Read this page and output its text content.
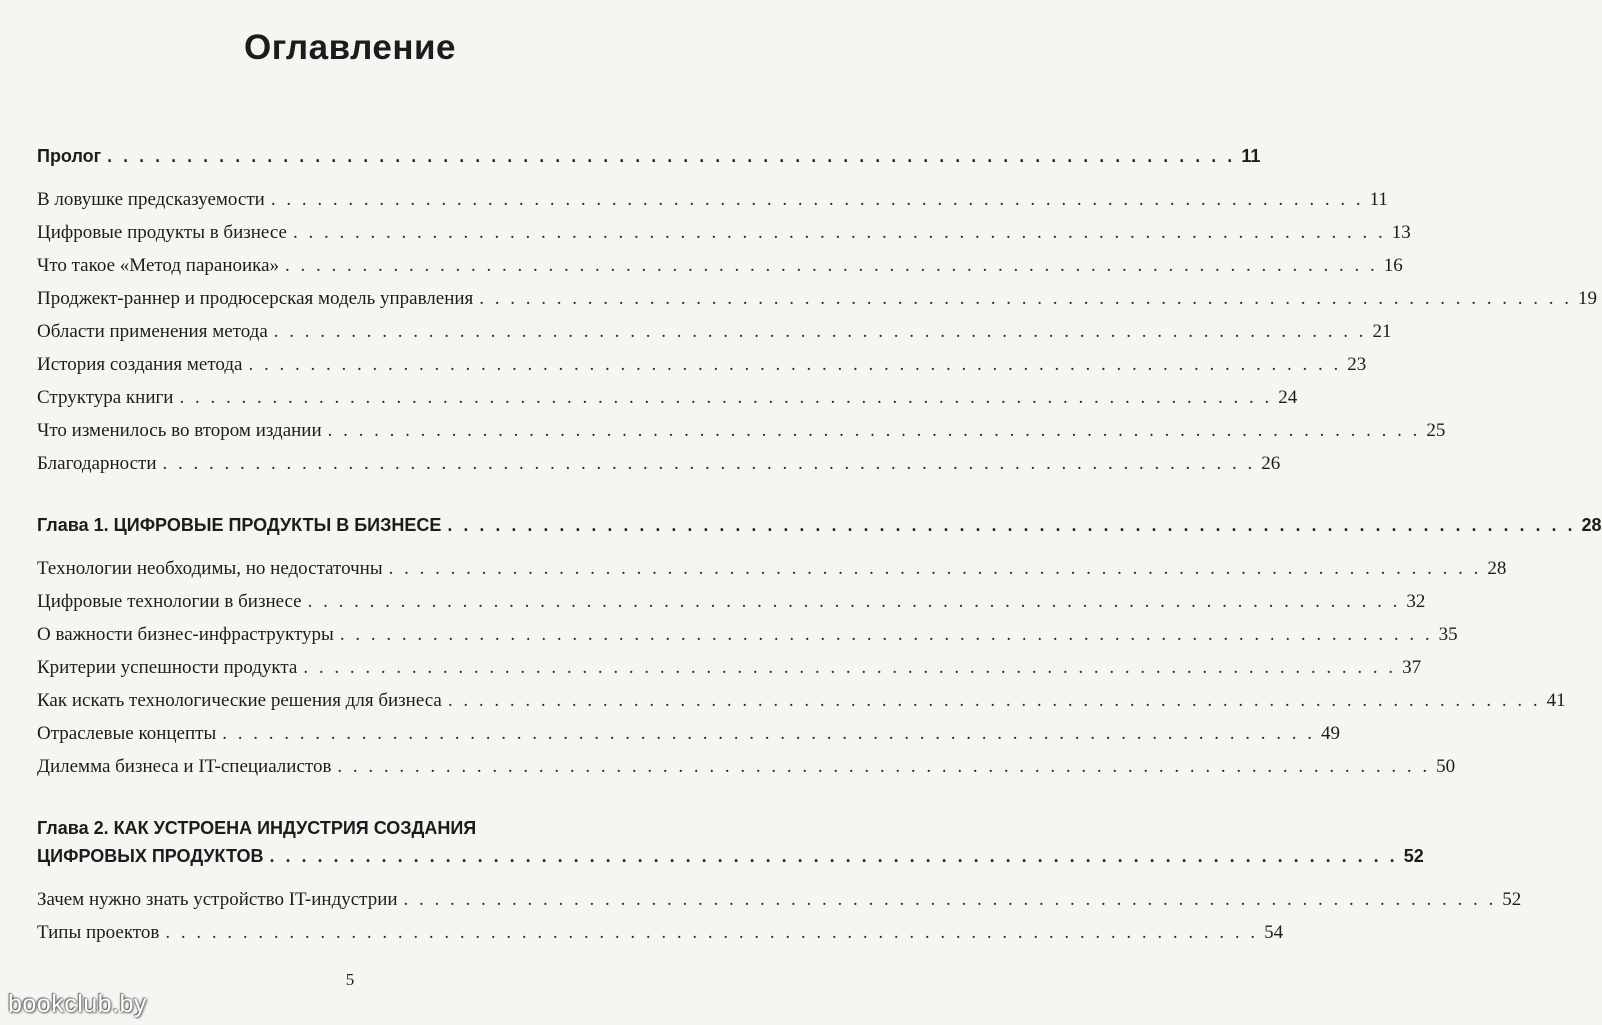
Оглавление
Пролог . . . . . . . . . . . . . . . . . . . . . . . . . . . . . . . . . . . . . . . . . . . . . . . . . . . . . . . . . . . . . . . . . . . . . . . 11
В ловушке предсказуемости . . . . . . . . . . . . . . . . . . . . . . . . . . . . . . . . . . . . . . . . . . . . . . . . . . . . . . . . . . . . . . . . . . . . . . . 11
Цифровые продукты в бизнесе . . . . . . . . . . . . . . . . . . . . . . . . . . . . . . . . . . . . . . . . . . . . . . . . . . . . . . . . . . . . . . . . . . . . . . . 13
Что такое «Метод параноика» . . . . . . . . . . . . . . . . . . . . . . . . . . . . . . . . . . . . . . . . . . . . . . . . . . . . . . . . . . . . . . . . . . . . . . . 16
Проджект-раннер и продюсерская модель управления . . . . . . . . . . . . . . . . . . . . . . . . . . . . . . . . . . . . . . . . . . . . . . . . . . . . . . . . . . . . . . . . . . . . . . . 19
Области применения метода . . . . . . . . . . . . . . . . . . . . . . . . . . . . . . . . . . . . . . . . . . . . . . . . . . . . . . . . . . . . . . . . . . . . . . . 21
История создания метода . . . . . . . . . . . . . . . . . . . . . . . . . . . . . . . . . . . . . . . . . . . . . . . . . . . . . . . . . . . . . . . . . . . . . . . 23
Структура книги . . . . . . . . . . . . . . . . . . . . . . . . . . . . . . . . . . . . . . . . . . . . . . . . . . . . . . . . . . . . . . . . . . . . . . . 24
Что изменилось во втором издании . . . . . . . . . . . . . . . . . . . . . . . . . . . . . . . . . . . . . . . . . . . . . . . . . . . . . . . . . . . . . . . . . . . . . . . 25
Благодарности . . . . . . . . . . . . . . . . . . . . . . . . . . . . . . . . . . . . . . . . . . . . . . . . . . . . . . . . . . . . . . . . . . . . . . . 26
Глава 1. ЦИФРОВЫЕ ПРОДУКТЫ В БИЗНЕСЕ . . . . . . . . . . . . . . . . . . . . . . . . . . . . . . . . . . . . . . . . . . . . . . . . . . . . . . . . . . . . . . . . . . . . . . . 28
Технологии необходимы, но недостаточны . . . . . . . . . . . . . . . . . . . . . . . . . . . . . . . . . . . . . . . . . . . . . . . . . . . . . . . . . . . . . . . . . . . . . . . 28
Цифровые технологии в бизнесе . . . . . . . . . . . . . . . . . . . . . . . . . . . . . . . . . . . . . . . . . . . . . . . . . . . . . . . . . . . . . . . . . . . . . . . 32
О важности бизнес-инфраструктуры . . . . . . . . . . . . . . . . . . . . . . . . . . . . . . . . . . . . . . . . . . . . . . . . . . . . . . . . . . . . . . . . . . . . . . . 35
Критерии успешности продукта . . . . . . . . . . . . . . . . . . . . . . . . . . . . . . . . . . . . . . . . . . . . . . . . . . . . . . . . . . . . . . . . . . . . . . . 37
Как искать технологические решения для бизнеса . . . . . . . . . . . . . . . . . . . . . . . . . . . . . . . . . . . . . . . . . . . . . . . . . . . . . . . . . . . . . . . . . . . . . . . 41
Отраслевые концепты . . . . . . . . . . . . . . . . . . . . . . . . . . . . . . . . . . . . . . . . . . . . . . . . . . . . . . . . . . . . . . . . . . . . . . . 49
Дилемма бизнеса и IT-специалистов . . . . . . . . . . . . . . . . . . . . . . . . . . . . . . . . . . . . . . . . . . . . . . . . . . . . . . . . . . . . . . . . . . . . . . . 50
Глава 2. КАК УСТРОЕНА ИНДУСТРИЯ СОЗДАНИЯ
ЦИФРОВЫХ ПРОДУКТОВ . . . . . . . . . . . . . . . . . . . . . . . . . . . . . . . . . . . . . . . . . . . . . . . . . . . . . . . . . . . . . . . . . . . . . . . 52
Зачем нужно знать устройство IT-индустрии . . . . . . . . . . . . . . . . . . . . . . . . . . . . . . . . . . . . . . . . . . . . . . . . . . . . . . . . . . . . . . . . . . . . . . . 52
Типы проектов . . . . . . . . . . . . . . . . . . . . . . . . . . . . . . . . . . . . . . . . . . . . . . . . . . . . . . . . . . . . . . . . . . . . . . . 54
5
bookclub.by
